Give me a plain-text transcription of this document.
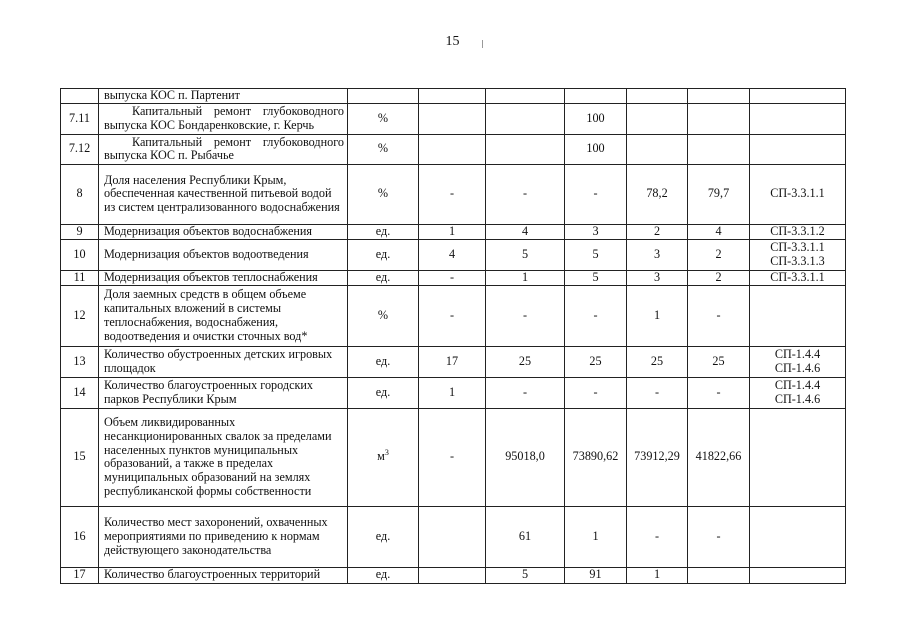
15
	выпуска КОС п. Партенит							
7.11	Капитальный ремонт глубоководного выпуска КОС Бондаренковские, г. Керчь	%			100			
7.12	Капитальный ремонт глубоководного выпуска КОС п. Рыбачье	%			100			
8	Доля населения Республики Крым, обеспеченная качественной питьевой водой из систем централизованного водоснабжения	%	-	-	-	78,2	79,7	СП-3.3.1.1
9	Модернизация объектов водоснабжения	ед.	1	4	3	2	4	СП-3.3.1.2
10	Модернизация объектов водоотведения	ед.	4	5	5	3	2	СП-3.3.1.1
СП-3.3.1.3
11	Модернизация объектов теплоснабжения	ед.	-	1	5	3	2	СП-3.3.1.1
12	Доля заемных средств в общем объеме капитальных вложений в системы теплоснабжения, водоснабжения, водоотведения и очистки сточных вод*	%	-	-	-	1	-	
13	Количество обустроенных детских игровых площадок	ед.	17	25	25	25	25	СП-1.4.4
СП-1.4.6
14	Количество благоустроенных городских парков Республики Крым	ед.	1	-	-	-	-	СП-1.4.4
СП-1.4.6
15	Объем ликвидированных несанкционированных свалок за пределами населенных пунктов муниципальных образований, а также в пределах муниципальных образований на землях республиканской формы собственности	$м^3$	-	95018,0	73890,62	73912,29	41822,66	
16	Количество мест захоронений, охваченных мероприятиями по приведению к нормам действующего законодательства	ед.		61	1	-	-	
17	Количество благоустроенных территорий	ед.		5	91	1		
